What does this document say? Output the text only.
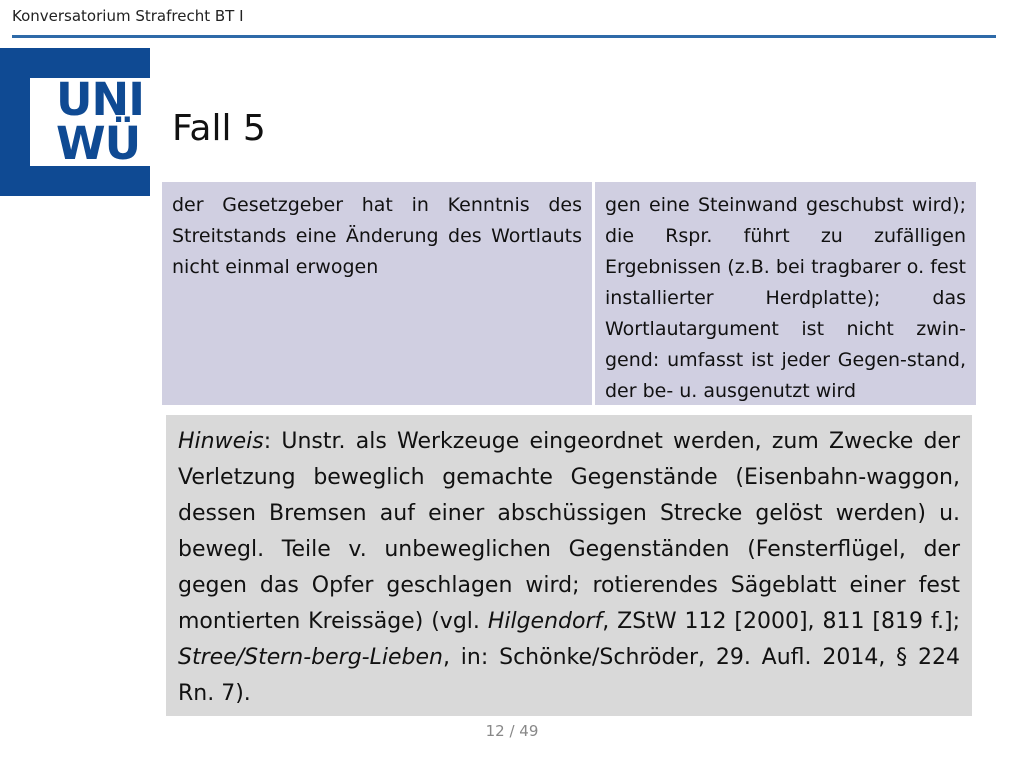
Konversatorium Strafrecht BT I
UNI
WÜ Fall 5
der Gesetzgeber hat in Kenntnis des Streitstands eine Änderung des Wortlauts nicht einmal erwogen
gen eine Steinwand geschubst wird); die Rspr. führt zu zufälligen Ergebnissen (z.B. bei tragbarer o. fest installierter Herdplatte); das Wortlautargument ist nicht zwin-gend: umfasst ist jeder Gegen-stand, der be- u. ausgenutzt wird
Hinweis: Unstr. als Werkzeuge eingeordnet werden, zum Zwecke der Verletzung beweglich gemachte Gegenstände (Eisenbahn-waggon, dessen Bremsen auf einer abschüssigen Strecke gelöst werden) u. bewegl. Teile v. unbeweglichen Gegenständen (Fensterflügel, der gegen das Opfer geschlagen wird; rotierendes Sägeblatt einer fest montierten Kreissäge) (vgl. Hilgendorf, ZStW 112 [2000], 811 [819 f.]; Stree/Stern-berg-Lieben, in: Schönke/Schröder, 29. Aufl. 2014, § 224 Rn. 7).
12 / 49
